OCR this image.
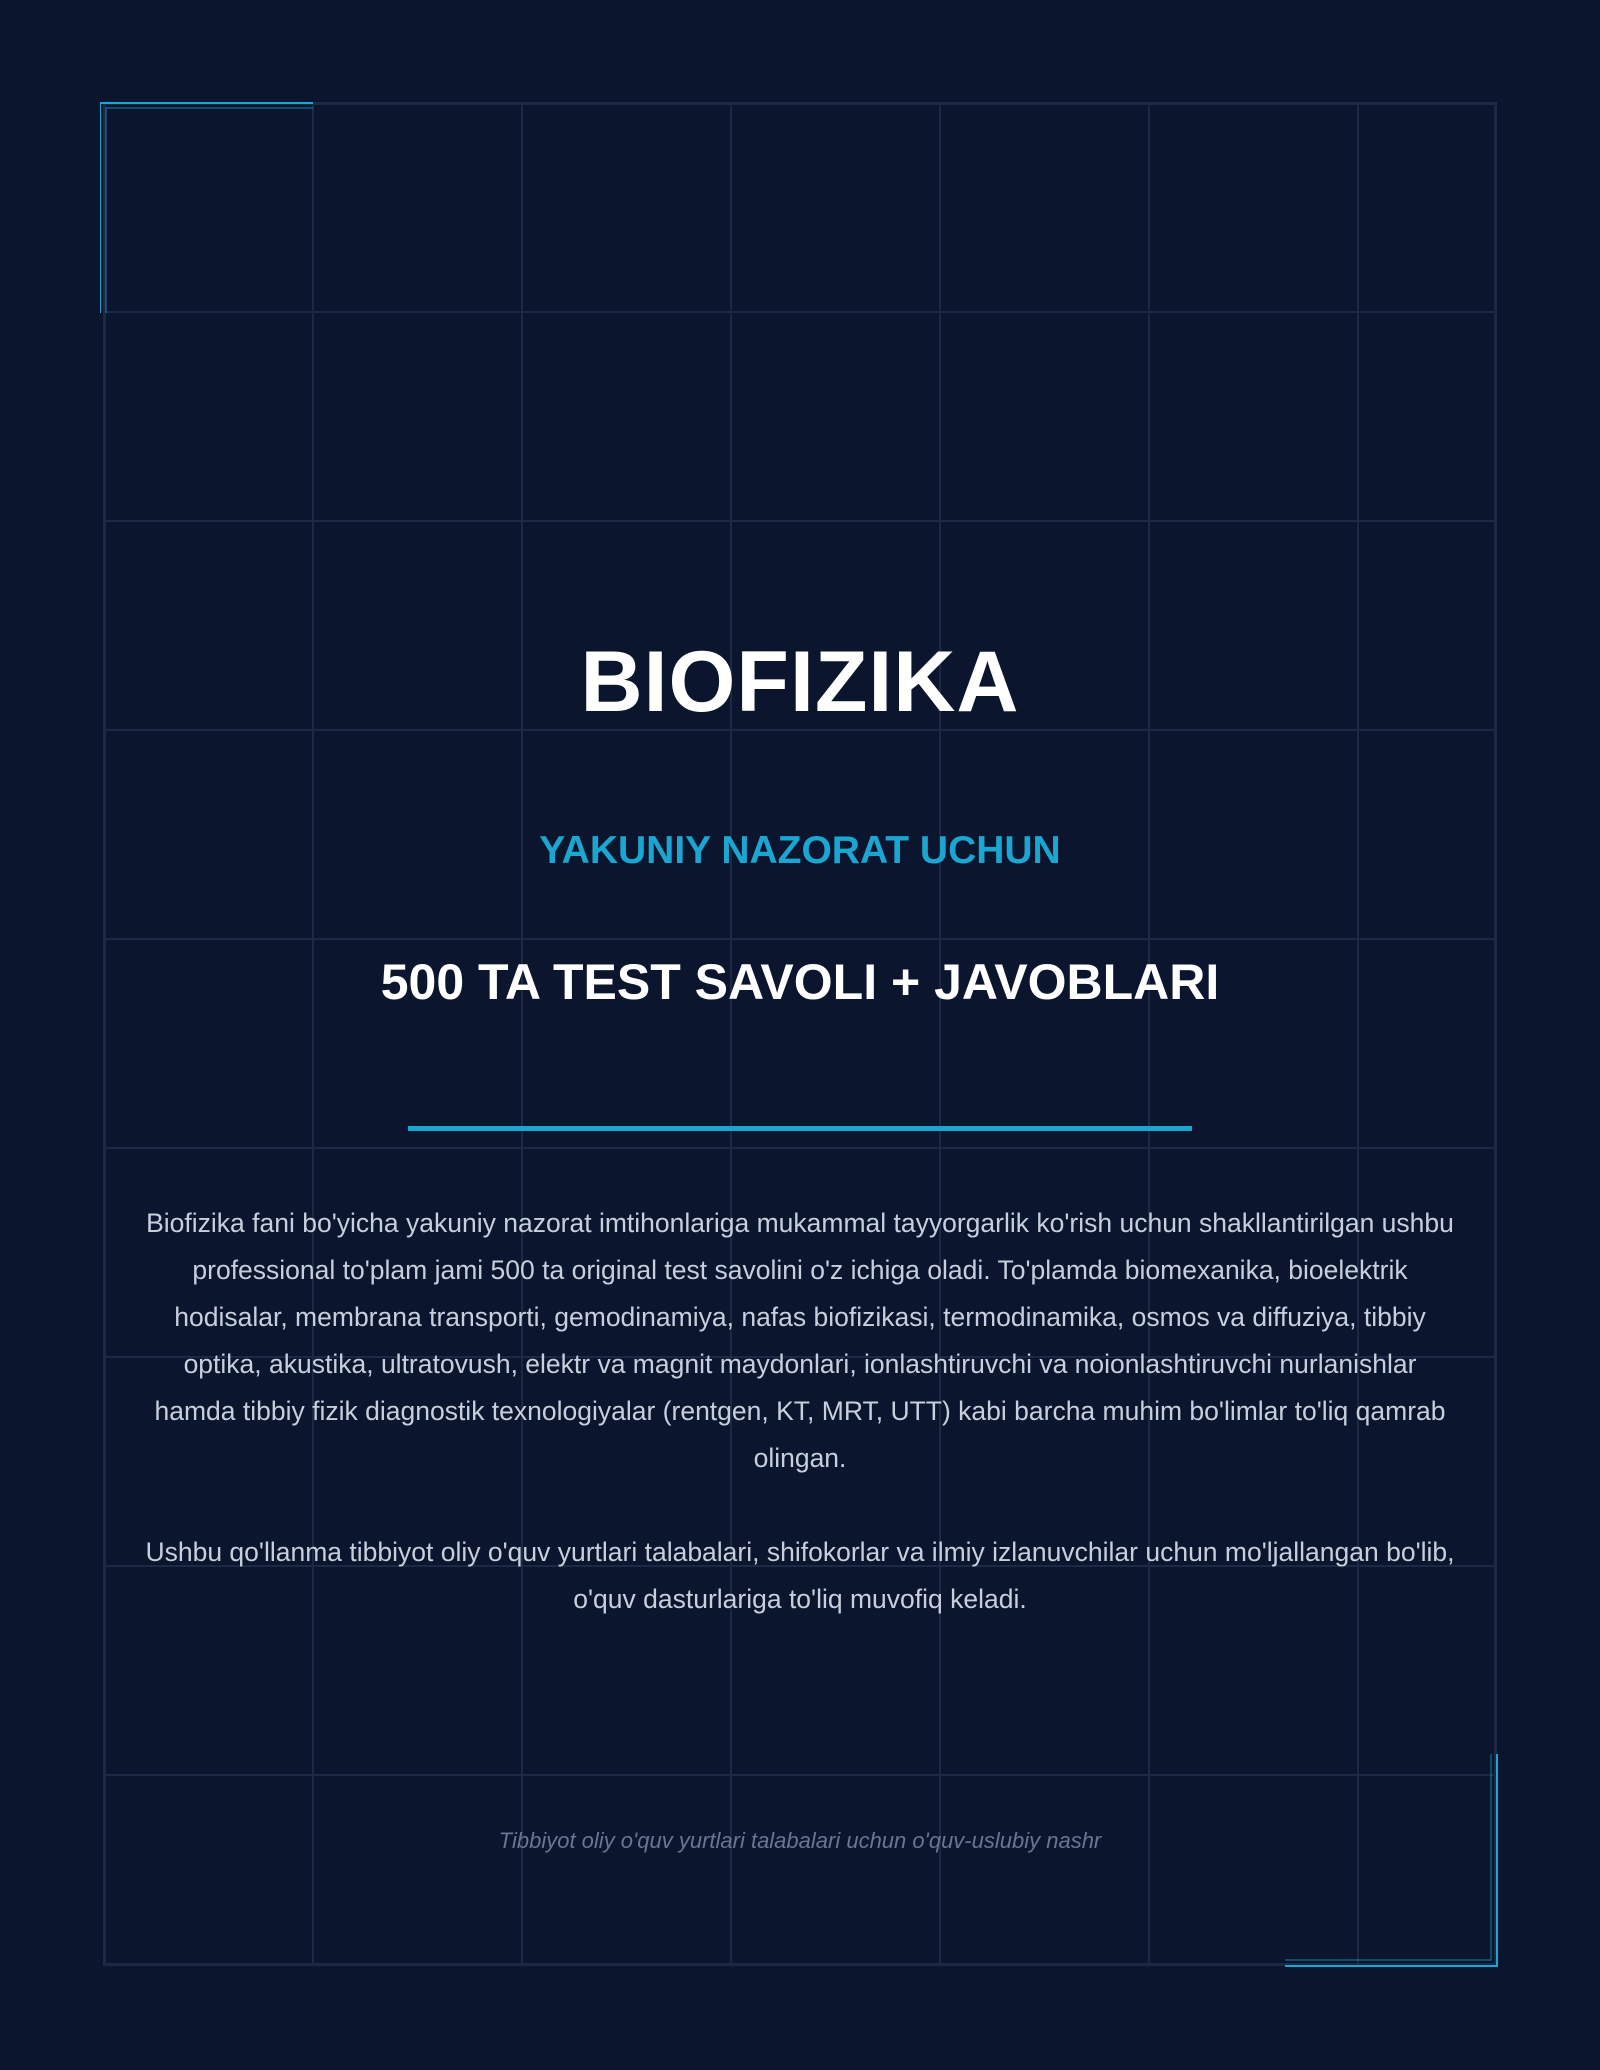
BIOFIZIKA
YAKUNIY NAZORAT UCHUN
500 TA TEST SAVOLI + JAVOBLARI

Biofizika fani bo'yicha yakuniy nazorat imtihonlariga mukammal tayyorgarlik ko'rish uchun shakllantirilgan ushbu professional to'plam jami 500 ta original test savolini o'z ichiga oladi. To'plamda biomexanika, bioelektrik hodisalar, membrana transporti, gemodinamiya, nafas biofizikasi, termodinamika, osmos va diffuziya, tibbiy optika, akustika, ultratovush, elektr va magnit maydonlari, ionlashtiruvchi va noionlashtiruvchi nurlanishlar hamda tibbiy fizik diagnostik texnologiyalar (rentgen, KT, MRT, UTT) kabi barcha muhim bo'limlar to'liq qamrab olingan.

Ushbu qo'llanma tibbiyot oliy o'quv yurtlari talabalari, shifokorlar va ilmiy izlanuvchilar uchun mo'ljallangan bo'lib, o'quv dasturlariga to'liq muvofiq keladi.

Tibbiyot oliy o'quv yurtlari talabalari uchun o'quv-uslubiy nashr
